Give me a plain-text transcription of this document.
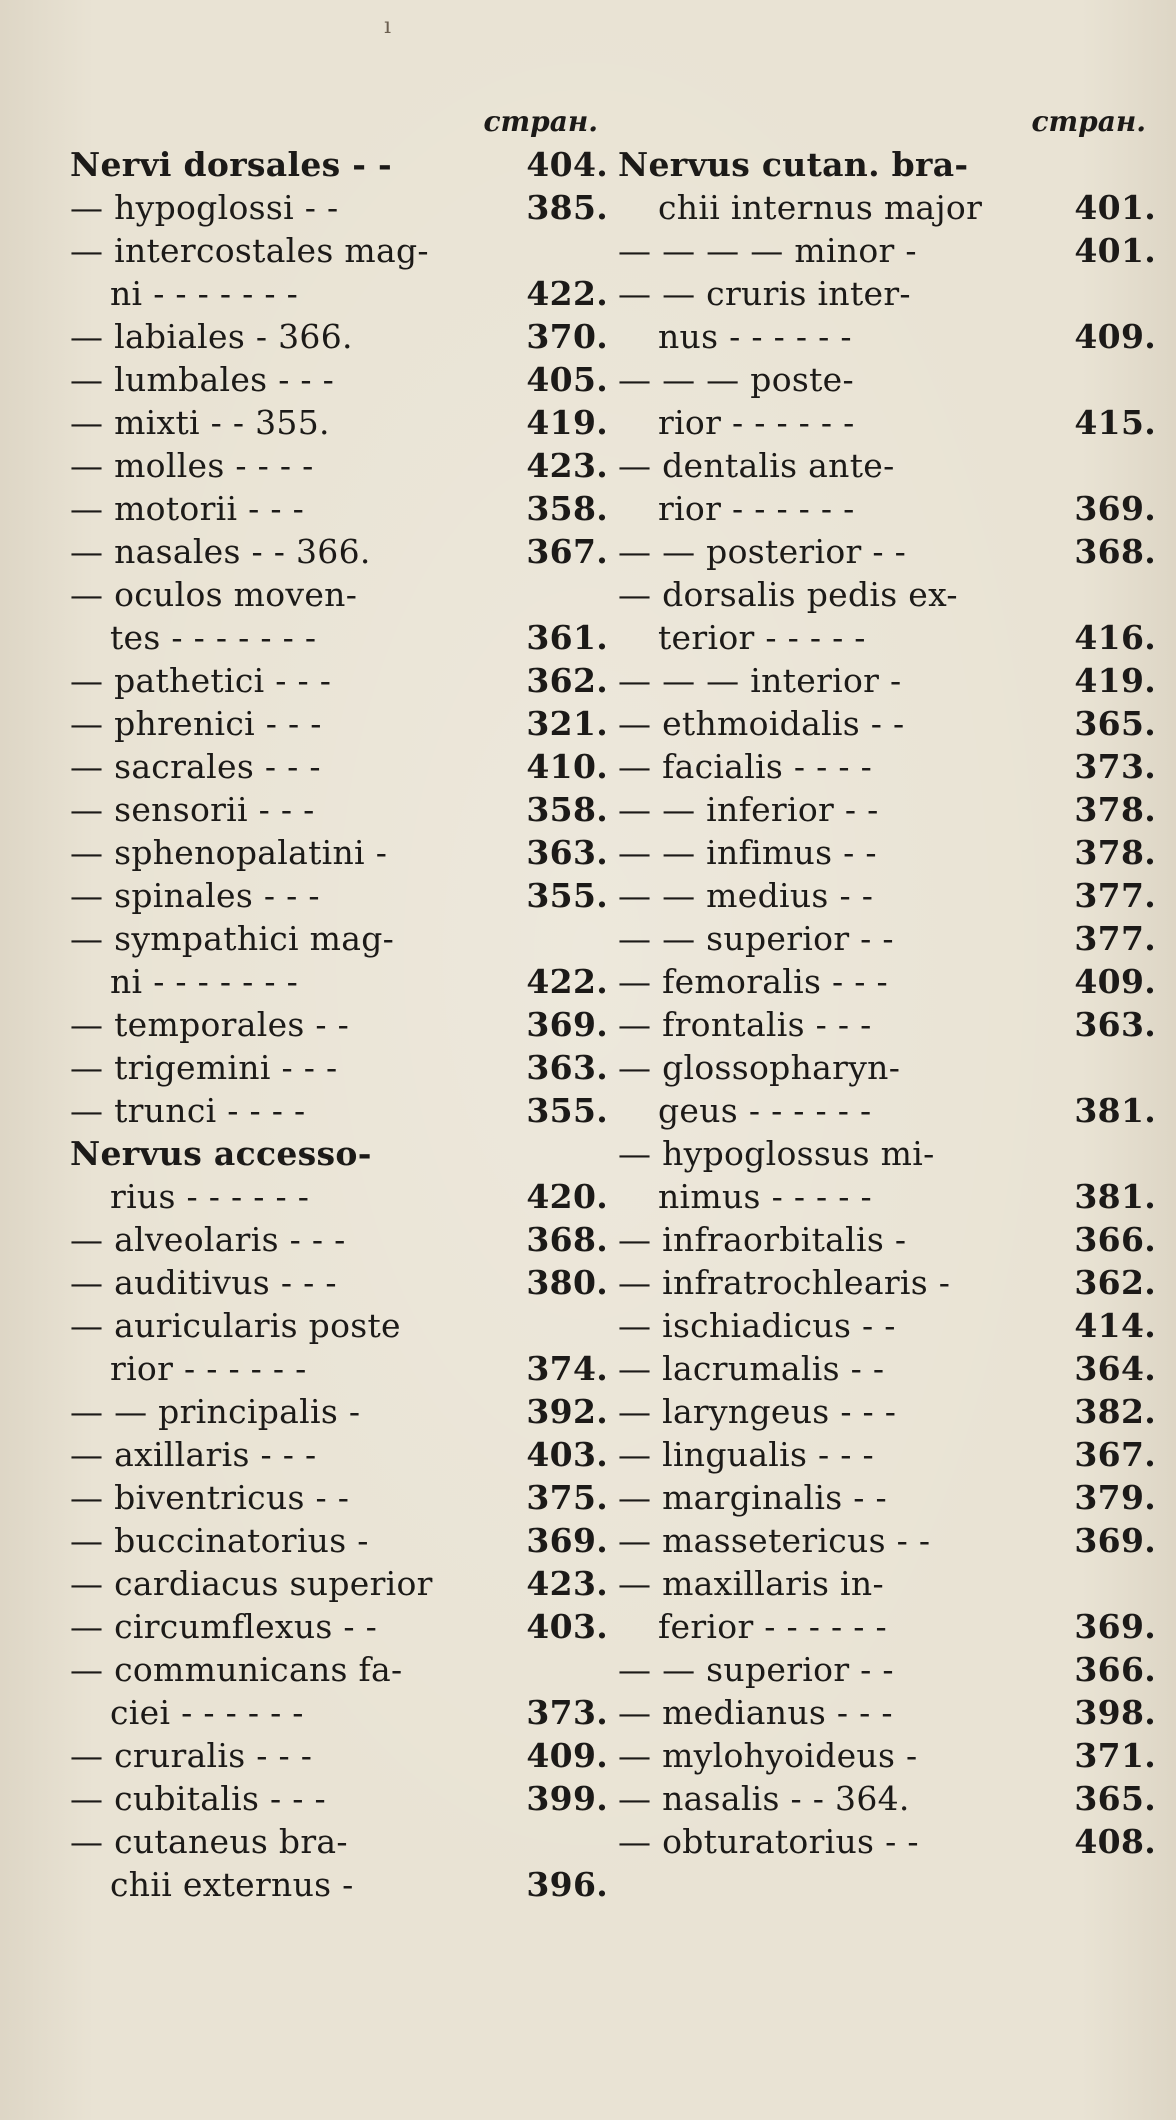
ı
стран.
Nervi dorsales - -	404.
— hypoglossi - -	385.
— intercostales mag-
ni - - - - - - -	422.
— labiales - 366.	370.
— lumbales - - -	405.
— mixti - - 355.	419.
— molles - - - -	423.
— motorii - - -	358.
— nasales - - 366.	367.
— oculos moven-
tes - - - - - - -	361.
— pathetici - - -	362.
— phrenici - - -	321.
— sacrales - - -	410.
— sensorii - - -	358.
— sphenopalatini -	363.
— spinales - - -	355.
— sympathici mag-
ni - - - - - - -	422.
— temporales - -	369.
— trigemini - - -	363.
— trunci - - - -	355.
Nervus accesso-
rius - - - - - -	420.
— alveolaris - - -	368.
— auditivus - - -	380.
— auricularis poste
rior - - - - - -	374.
— — principalis -	392.
— axillaris - - -	403.
— biventricus - -	375.
— buccinatorius -	369.
— cardiacus superior	423.
— circumflexus - -	403.
— communicans fa-
ciei - - - - - -	373.
— cruralis - - -	409.
— cubitalis - - -	399.
— cutaneus bra-
chii externus -	396.
стран.
Nervus cutan. bra-
chii internus major	401.
— — — — minor -	401.
— — cruris inter-
nus - - - - - -	409.
— — — poste-
rior - - - - - -	415.
— dentalis ante-
rior - - - - - -	369.
— — posterior - -	368.
— dorsalis pedis ex-
terior - - - - -	416.
— — — interior -	419.
— ethmoidalis - -	365.
— facialis - - - -	373.
— — inferior - -	378.
— — infimus - -	378.
— — medius - -	377.
— — superior - -	377.
— femoralis - - -	409.
— frontalis - - -	363.
— glossopharyn-
geus - - - - - -	381.
— hypoglossus mi-
nimus - - - - -	381.
— infraorbitalis -	366.
— infratrochlearis -	362.
— ischiadicus - -	414.
— lacrumalis - -	364.
— laryngeus - - -	382.
— lingualis - - -	367.
— marginalis - -	379.
— massetericus - -	369.
— maxillaris in-
ferior - - - - - -	369.
— — superior - -	366.
— medianus - - -	398.
— mylohyoideus -	371.
— nasalis - - 364.	365.
— obturatorius - -	408.
